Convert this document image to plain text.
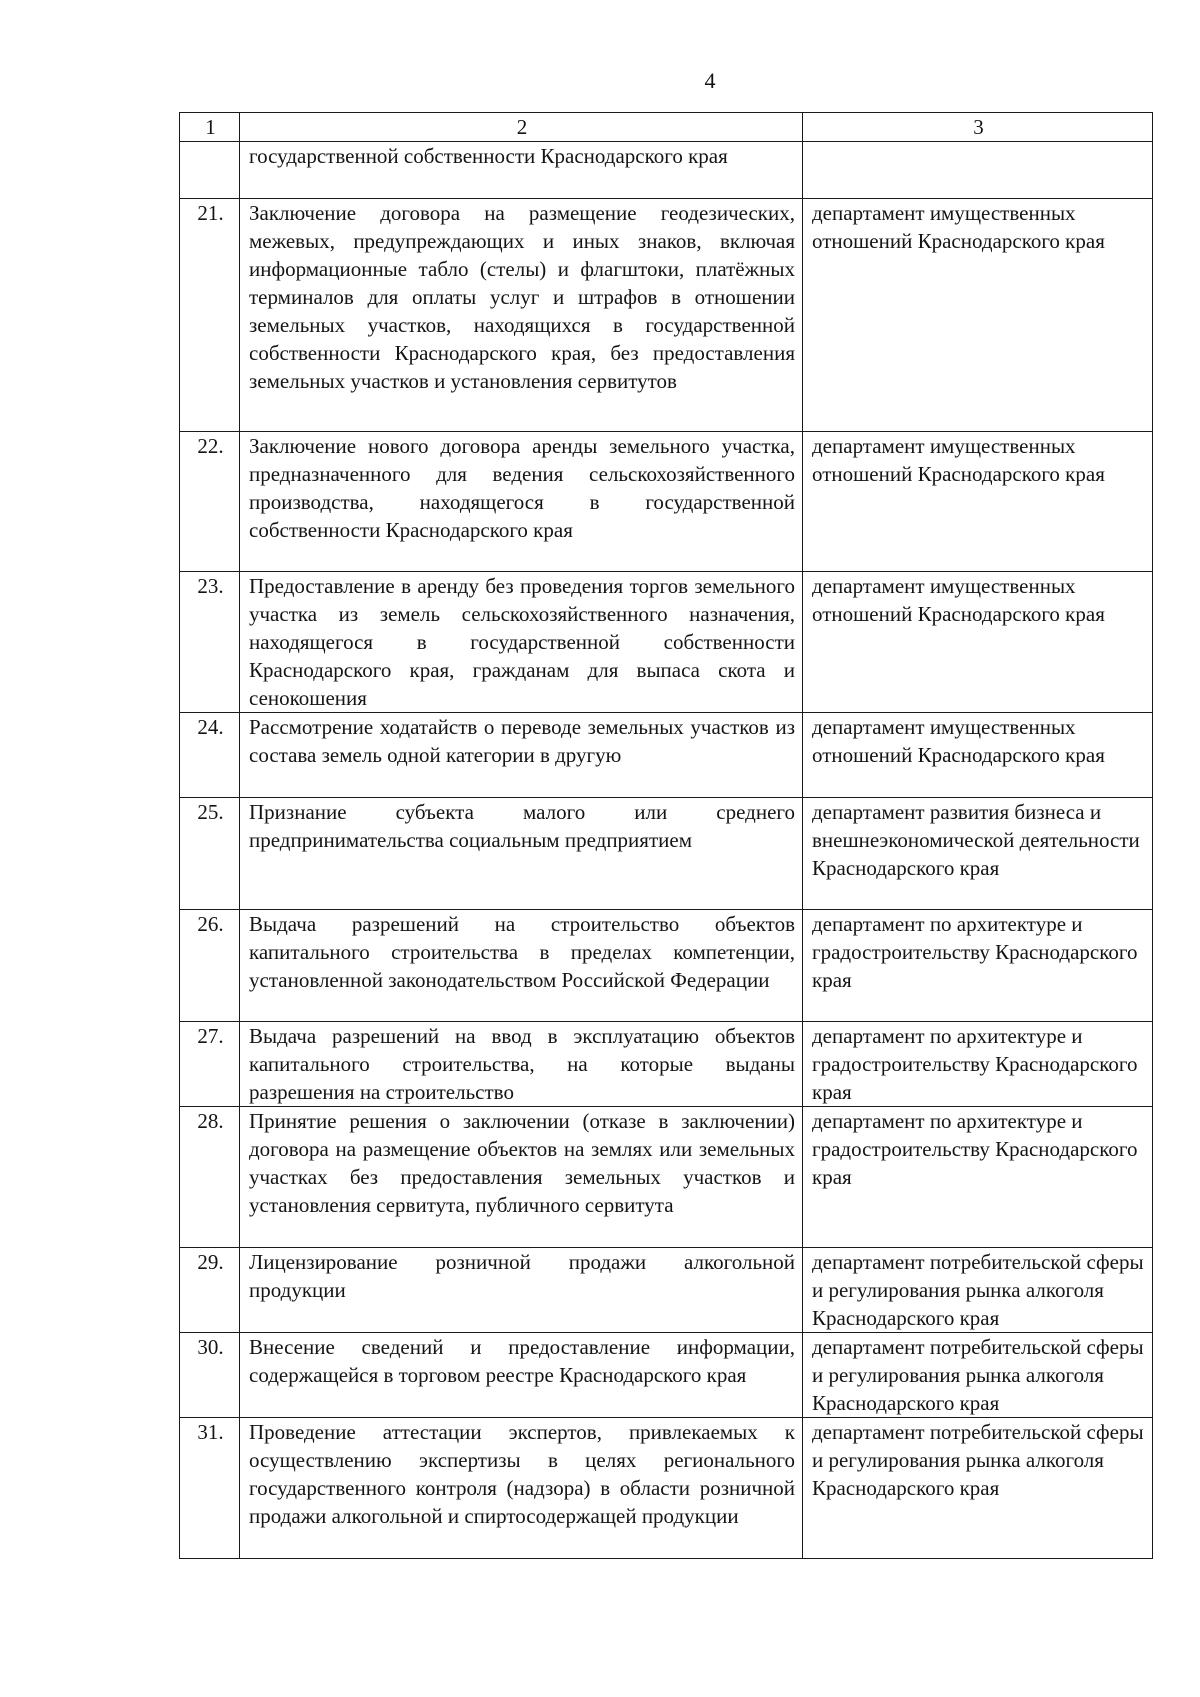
4
1	2	3
	государственной собственности Краснодарского края	
21.	Заключение договора на размещение геодезических, межевых, предупреждающих и иных знаков, включая информационные табло (стелы) и флагштоки, платёжных терминалов для оплаты услуг и штрафов в отношении земельных участков, находящихся в государственной собственности Краснодарского края, без предоставления земельных участков и установления сервитутов	департамент имущественных отношений Краснодарского края
22.	Заключение нового договора аренды земельного участка, предназначенного для ведения сельскохозяйственного производства, находящегося в государственной собственности Краснодарского края	департамент имущественных отношений Краснодарского края
23.	Предоставление в аренду без проведения торгов земельного участка из земель сельскохозяйственного назначения, находящегося в государственной собственности Краснодарского края, гражданам для выпаса скота и сенокошения	департамент имущественных отношений Краснодарского края
24.	Рассмотрение ходатайств о переводе земельных участков из состава земель одной категории в другую	департамент имущественных отношений Краснодарского края
25.	Признание субъекта малого или среднего предпринимательства социальным предприятием	департамент развития бизнеса и внешнеэкономической деятельности Краснодарского края
26.	Выдача разрешений на строительство объектов капитального строительства в пределах компетенции, установленной законодательством Российской Федерации	департамент по архитектуре и градостроительству Краснодарского края
27.	Выдача разрешений на ввод в эксплуатацию объектов капитального строительства, на которые выданы разрешения на строительство	департамент по архитектуре и градостроительству Краснодарского края
28.	Принятие решения о заключении (отказе в заключении) договора на размещение объектов на землях или земельных участках без предоставления земельных участков и установления сервитута, публичного сервитута	департамент по архитектуре и градостроительству Краснодарского края
29.	Лицензирование розничной продажи алкогольной продукции	департамент потребительской сферы и регулирования рынка алкоголя Краснодарского края
30.	Внесение сведений и предоставление информации, содержащейся в торговом реестре Краснодарского края	департамент потребительской сферы и регулирования рынка алкоголя Краснодарского края
31.	Проведение аттестации экспертов, привлекаемых к осуществлению экспертизы в целях регионального государственного контроля (надзора) в области розничной продажи алкогольной и спиртосодержащей продукции	департамент потребительской сферы и регулирования рынка алкоголя Краснодарского края
